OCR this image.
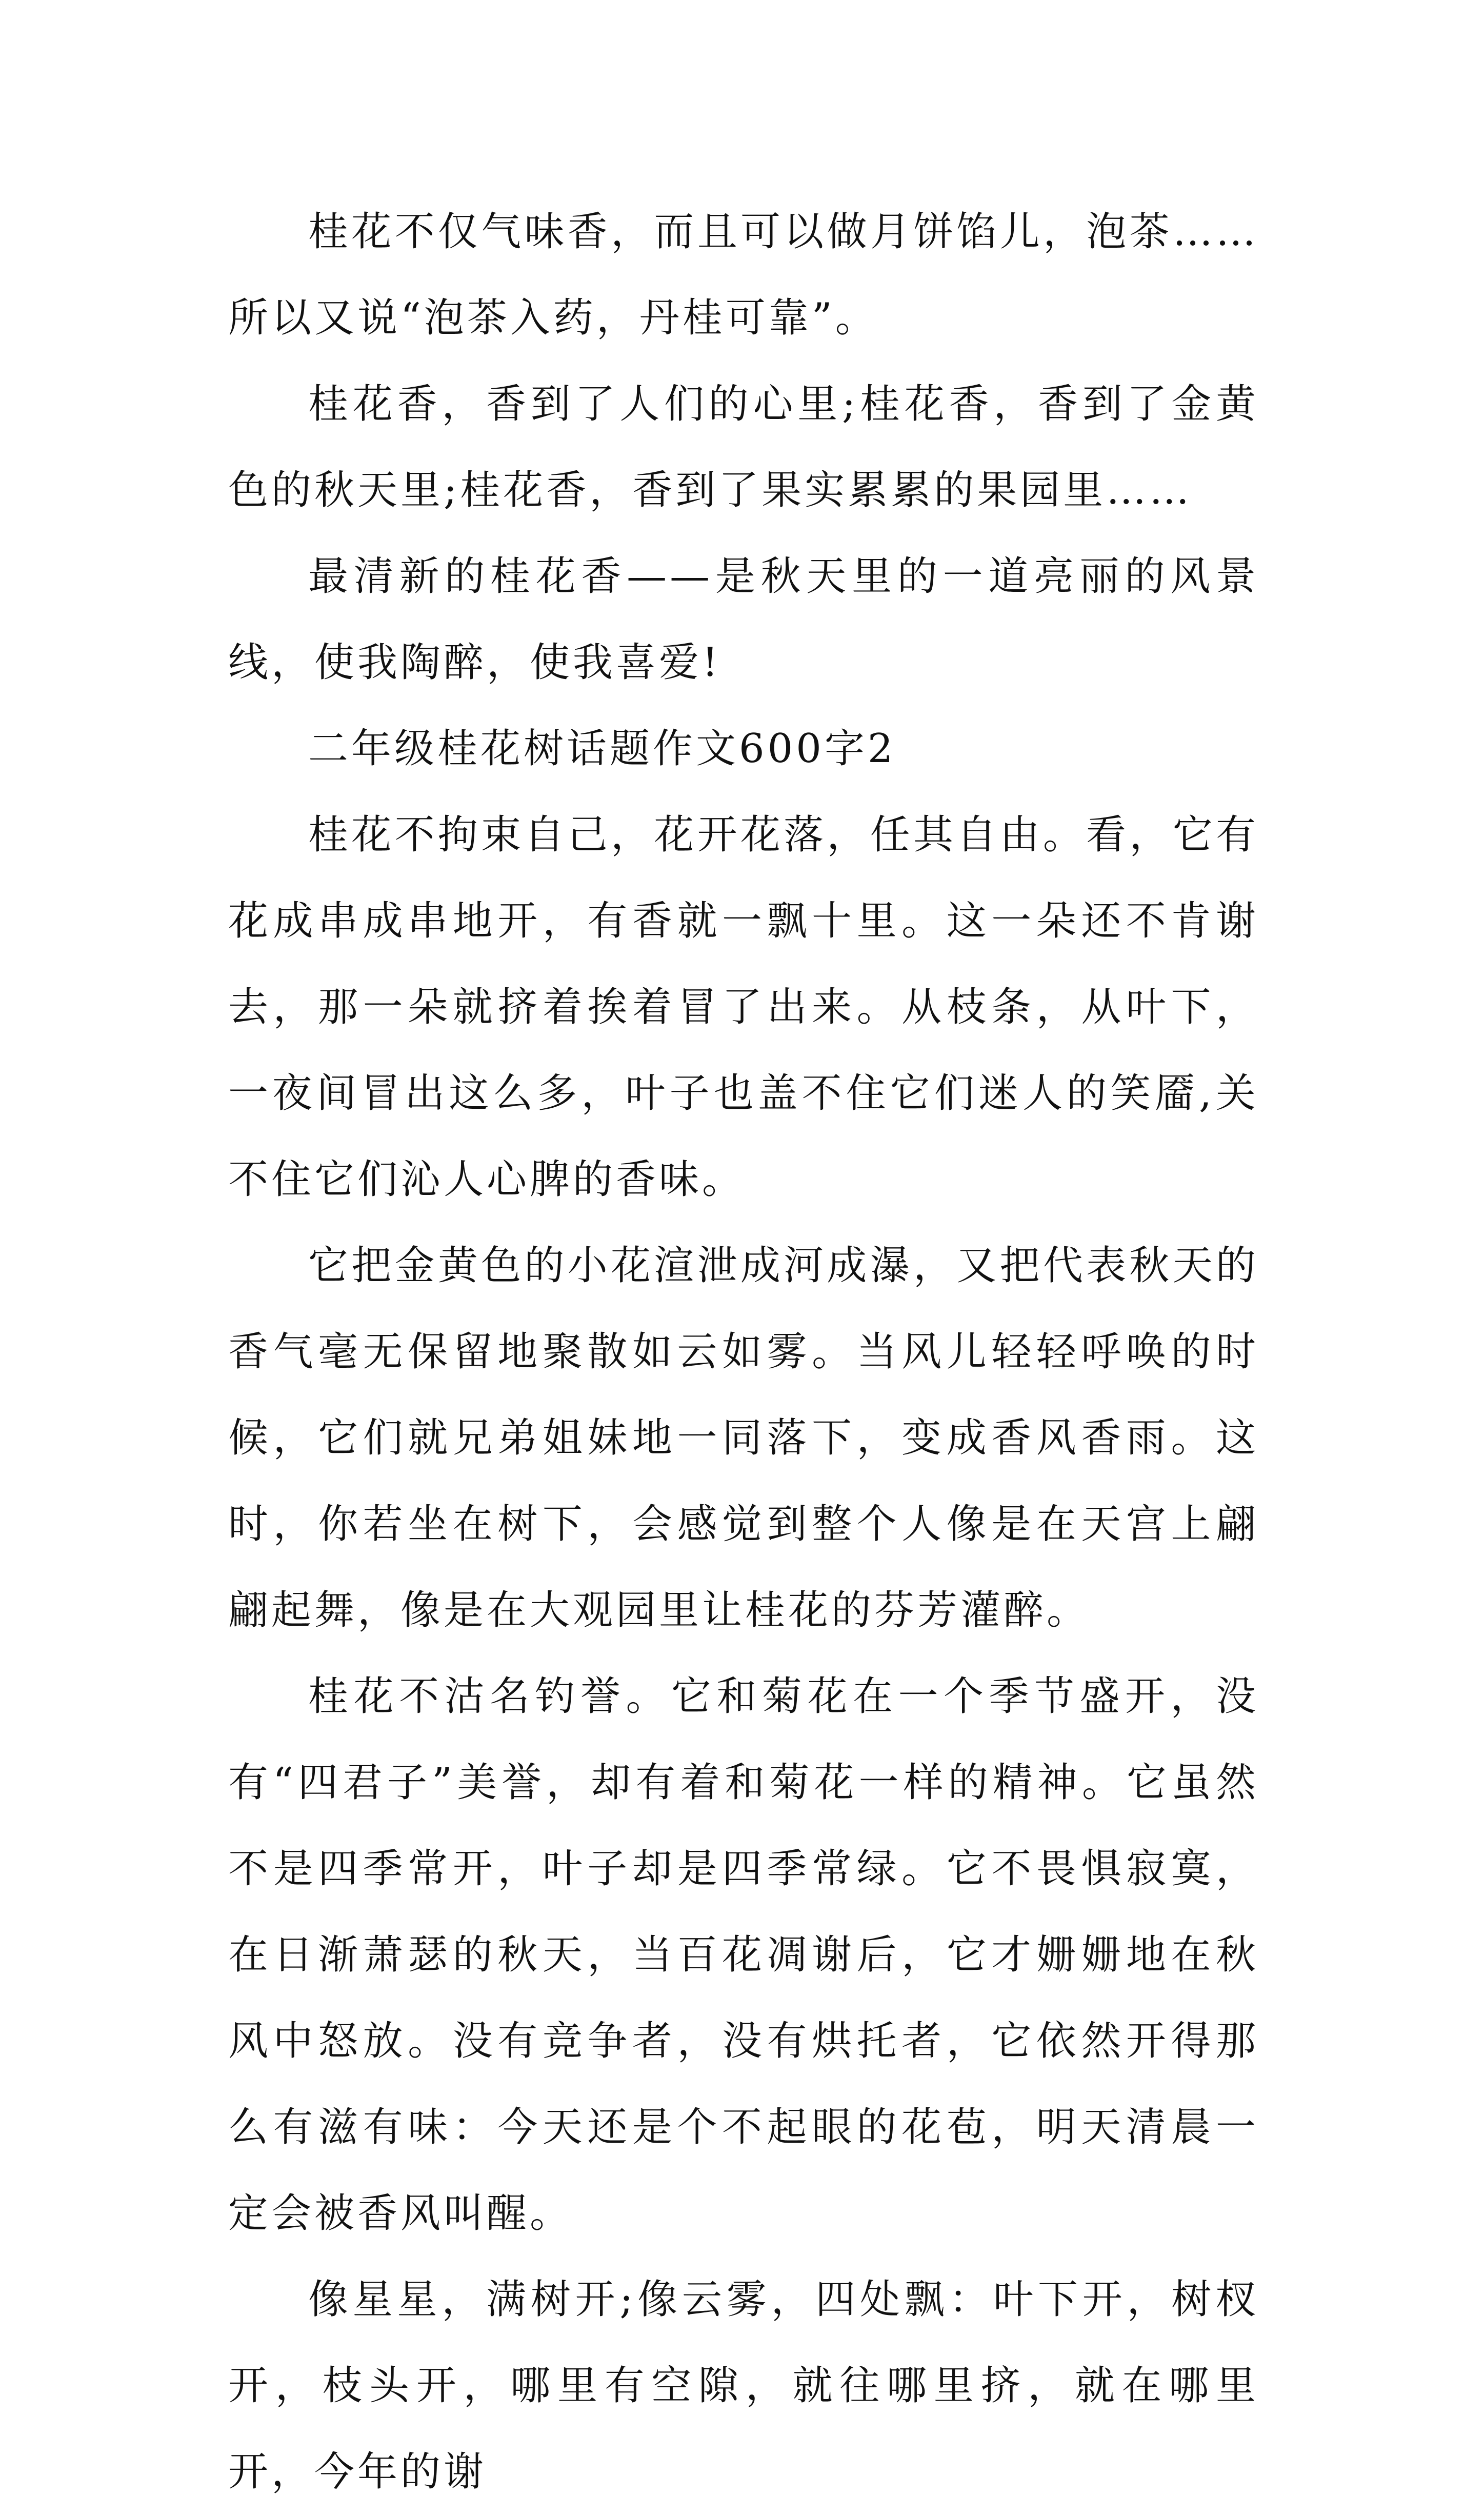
桂花不仅气味香，而且可以做月饼馅儿，泡茶……所以又说“泡茶入药，丹桂可靠”。

桂花香，香到了人们的心里;桂花香，香到了金黄色的秋天里;桂花香，香到了果实累累的果园里……

最清新的桂花香——是秋天里的一道亮丽的风景线，使我陶醉，使我喜爱!

二年级桂花树话题作文600字2

桂花不拘束自己，花开花落，任其自由。看，它有花成串成串地开，有香就一飘十里。这一朵还不肯谢去，那一朵就挤着挨着冒了出来。从枝条，从叶下，一夜间冒出这么多，叶子也盖不住它们迷人的笑靥,关不住它们沁人心脾的香味。

它把金黄色的小花渲泄成河成瀑，又把代表秋天的香气毫无保留地聚散如云如雾。当风儿轻轻呼唤的时候，它们就兄弟姐妹地一同落下，变成香风香雨。这时，你若坐在树下，会感觉到整个人像是在天宫上翩翩起舞，像是在大观园里让桂花的芬芳灌醉。

桂花不沽名钓誉。它和菊花在一个季节盛开，没有“四君子”美誉，却有着和菊花一样的精神。它虽然不是四季常开，叶子却是四季常绿。它不畏惧寂寞，在日渐萧瑟的秋天，当百花凋谢后，它才姗姗地在秋风中怒放。没有竞争者，没有烘托者，它依然开得那么有滋有味：今天还是个不起眼的花苞，明天清晨一定会被香风叫醒。

像星星，满树开;像云雾，四处飘：叶下开，树杈开，枝头开，哪里有空隙，就往哪里挤，就在哪里开，今年的谢
